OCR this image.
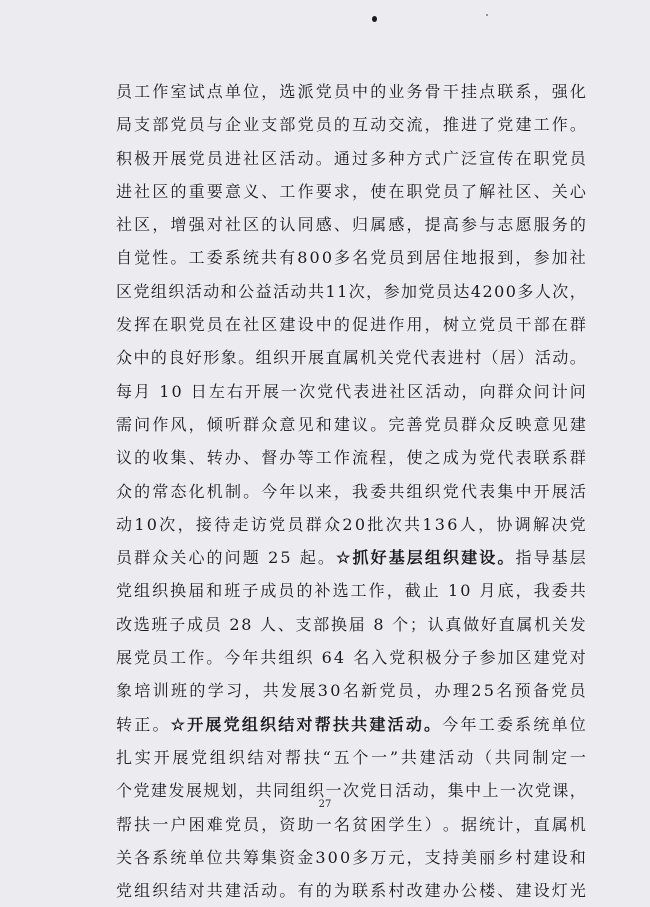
员 工 作 室 试 点 单 位 ， 选 派 党 员 中 的 业 务 骨 干 挂 点 联 系 ， 强 化
局 支 部 党 员 与 企 业 支 部 党 员 的 互 动 交 流 ， 推 进 了 党 建 工 作 。
积 极 开 展 党 员 进 社 区 活 动 。 通 过 多 种 方 式 广 泛 宣 传 在 职 党 员
进 社 区 的 重 要 意 义 、 工 作 要 求 ， 使 在 职 党 员 了 解 社 区 、 关 心
社 区 ， 增 强 对 社 区 的 认 同 感 、 归 属 感 ， 提 高 参 与 志 愿 服 务 的
自 觉 性 。 工 委 系 统 共 有 8 0 0 多 名 党 员 到 居 住 地 报 到 ， 参 加 社
区 党 组 织 活 动 和 公 益 活 动 共 1 1 次 ， 参 加 党 员 达 4 2 0 0 多 人 次 ，
发 挥 在 职 党 员 在 社 区 建 设 中 的 促 进 作 用 ， 树 立 党 员 干 部 在 群
众 中 的 良 好 形 象 。 组 织 开 展 直 属 机 关 党 代 表 进 村 （ 居 ） 活 动 。
每 月
1 0
日 左 右 开 展 一 次 党 代 表 进 社 区 活 动 ， 向 群 众 问 计 问
需 问 作 风 ， 倾 听 群 众 意 见 和 建 议 。 完 善 党 员 群 众 反 映 意 见 建
议 的 收 集 、 转 办 、 督 办 等 工 作 流 程 ， 使 之 成 为 党 代 表 联 系 群
众 的 常 态 化 机 制 。 今 年 以 来 ， 我 委 共 组 织 党 代 表 集 中 开 展 活
动 1 0 次 ， 接 待 走 访 党 员 群 众 2 0 批 次 共 1 3 6 人 ， 协 调 解 决 党
员 群 众 关 心 的 问 题
2 5
起 。 ☆ 抓 好 基 层 组 织 建 设 。 指 导 基 层
党 组 织 换 届 和 班 子 成 员 的 补 选 工 作 ， 截 止
1 0
月 底 ， 我 委 共
改 选 班 子 成 员
2 8
人 、 支 部 换 届
8
个 ； 认 真 做 好 直 属 机 关 发
展 党 员 工 作 。 今 年 共 组 织
6 4
名 入 党 积 极 分 子 参 加 区 建 党 对
象 培 训 班 的 学 习 ， 共 发 展 3 0 名 新 党 员 ， 办 理 2 5 名 预 备 党 员
转 正 。 ☆ 开 展 党 组 织 结 对 帮 扶 共 建 活 动 。 今 年 工 委 系 统 单 位
扎 实 开 展 党 组 织 结 对 帮 扶 “ 五 个 一 ” 共 建 活 动 （ 共 同 制 定 一
个 党 建 发 展 规 划 ， 共 同 组 织 一 次 党 日 活 动 ， 集 中 上 一 次 党 课 ，
帮 扶 一 户 困 难 党 员 ， 资 助 一 名 贫 困 学 生 ） 。 据 统 计 ， 直 属 机
关 各 系 统 单 位 共 筹 集 资 金 3 0 0 多 万 元 ， 支 持 美 丽 乡 村 建 设 和
党 组 织 结 对 共 建 活 动 。 有 的 为 联 系 村 改 建 办 公 楼 、 建 设 灯 光
27
